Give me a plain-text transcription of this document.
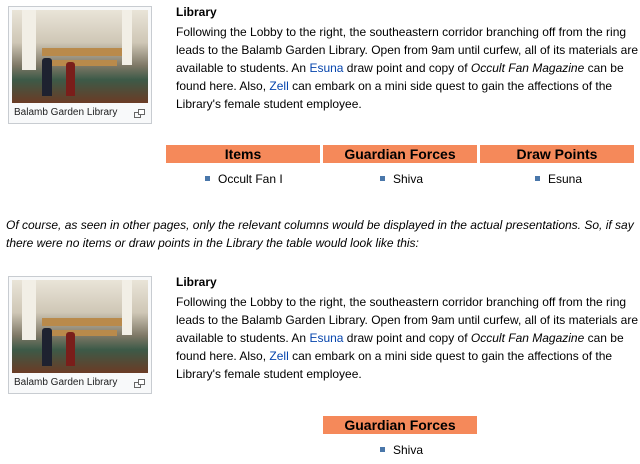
Balamb Garden Library
Library
Following the Lobby to the right, the southeastern corridor branching off from the ring leads to the Balamb Garden Library. Open from 9am until curfew, all of its materials are available to students. An Esuna draw point and copy of Occult Fan Magazine can be found here. Also, Zell can embark on a mini side quest to gain the affections of the Library's female student employee.
Items	Guardian Forces	Draw Points
Occult Fan I	Shiva	Esuna
Of course, as seen in other pages, only the relevant columns would be displayed in the actual presentations. So, if say there were no items or draw points in the Library the table would look like this:
Balamb Garden Library
Library
Following the Lobby to the right, the southeastern corridor branching off from the ring leads to the Balamb Garden Library. Open from 9am until curfew, all of its materials are available to students. An Esuna draw point and copy of Occult Fan Magazine can be found here. Also, Zell can embark on a mini side quest to gain the affections of the Library's female student employee.
Guardian Forces
Shiva
